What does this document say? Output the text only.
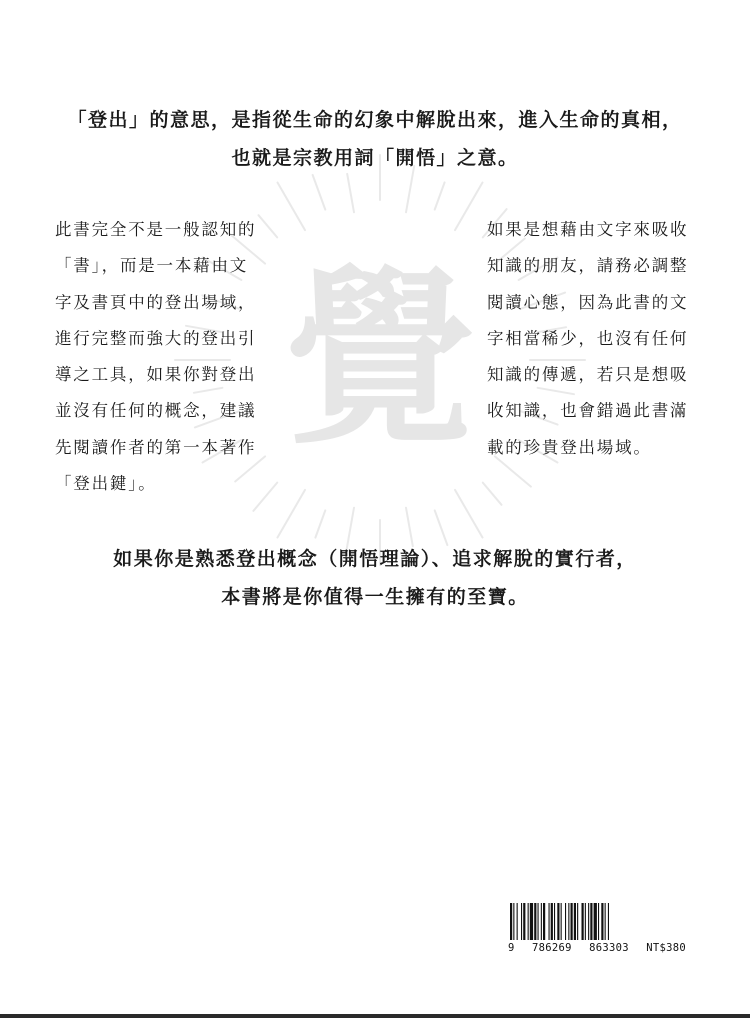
覺
「登出」的意思，是指從生命的幻象中解脫出來，進入生命的真相，
也就是宗教用詞「開悟」之意。
此書完全不是一般認知的
「書」，而是一本藉由文
字及書頁中的登出場域，
進行完整而強大的登出引
導之工具，如果你對登出
並沒有任何的概念，建議
先閱讀作者的第一本著作
「登出鍵」。
如果是想藉由文字來吸收
知識的朋友，請務必調整
閱讀心態，因為此書的文
字相當稀少，也沒有任何
知識的傳遞，若只是想吸
收知識，也會錯過此書滿
載的珍貴登出場域。
如果你是熟悉登出概念（開悟理論）、追求解脫的實行者，
本書將是你值得一生擁有的至寶。
9 786269 863303 NT$380
